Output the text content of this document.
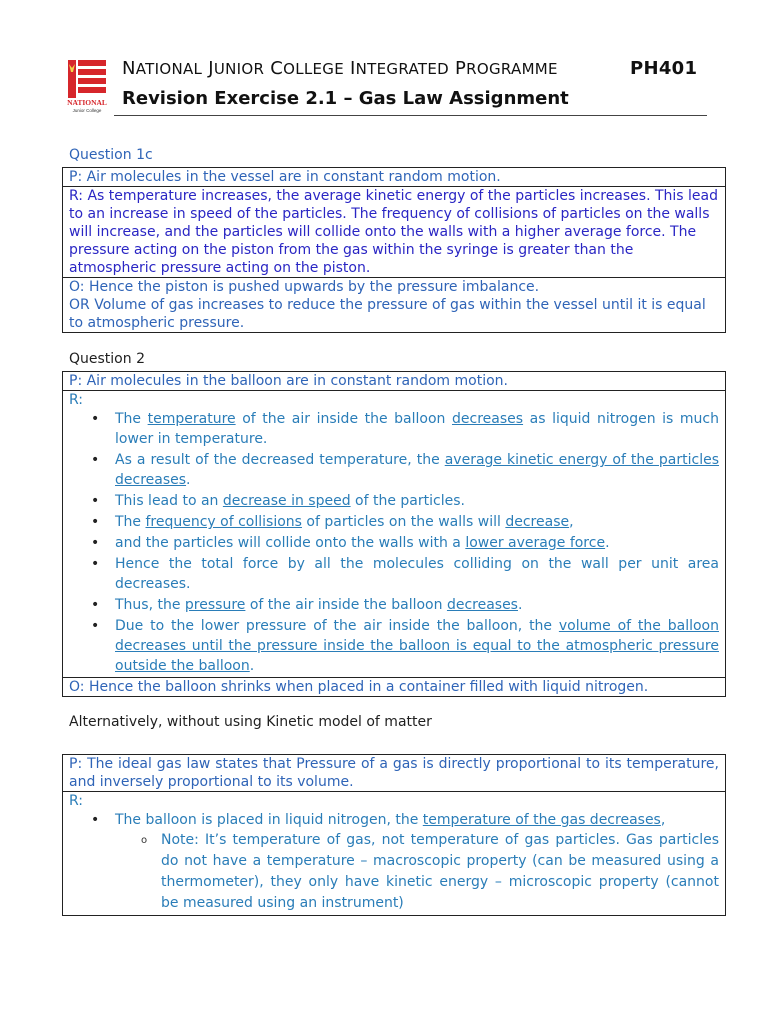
NATIONAL
Junior College
NATIONAL JUNIOR COLLEGE INTEGRATED PROGRAMME	PH401
Revision Exercise 2.1 – Gas Law Assignment
Question 1c
P: Air molecules in the vessel are in constant random motion.
R: As temperature increases, the average kinetic energy of the particles increases. This lead to an increase in speed of the particles. The frequency of collisions of particles on the walls will increase, and the particles will collide onto the walls with a higher average force. The pressure acting on the piston from the gas within the syringe is greater than the atmospheric pressure acting on the piston.
O: Hence the piston is pushed upwards by the pressure imbalance.
OR Volume of gas increases to reduce the pressure of gas within the vessel until it is equal to atmospheric pressure.
Question 2
P: Air molecules in the balloon are in constant random motion.
R:
• The temperature of the air inside the balloon decreases as liquid nitrogen is much lower in temperature.
• As a result of the decreased temperature, the average kinetic energy of the particles decreases.
• This lead to an decrease in speed of the particles.
• The frequency of collisions of particles on the walls will decrease,
• and the particles will collide onto the walls with a lower average force.
• Hence the total force by all the molecules colliding on the wall per unit area decreases.
• Thus, the pressure of the air inside the balloon decreases.
• Due to the lower pressure of the air inside the balloon, the volume of the balloon decreases until the pressure inside the balloon is equal to the atmospheric pressure outside the balloon.
O: Hence the balloon shrinks when placed in a container filled with liquid nitrogen.
Alternatively, without using Kinetic model of matter
P: The ideal gas law states that Pressure of a gas is directly proportional to its temperature, and inversely proportional to its volume.
R:
• The balloon is placed in liquid nitrogen, the temperature of the gas decreases,
o Note: It’s temperature of gas, not temperature of gas particles. Gas particles do not have a temperature – macroscopic property (can be measured using a thermometer), they only have kinetic energy – microscopic property (cannot be measured using an instrument)
